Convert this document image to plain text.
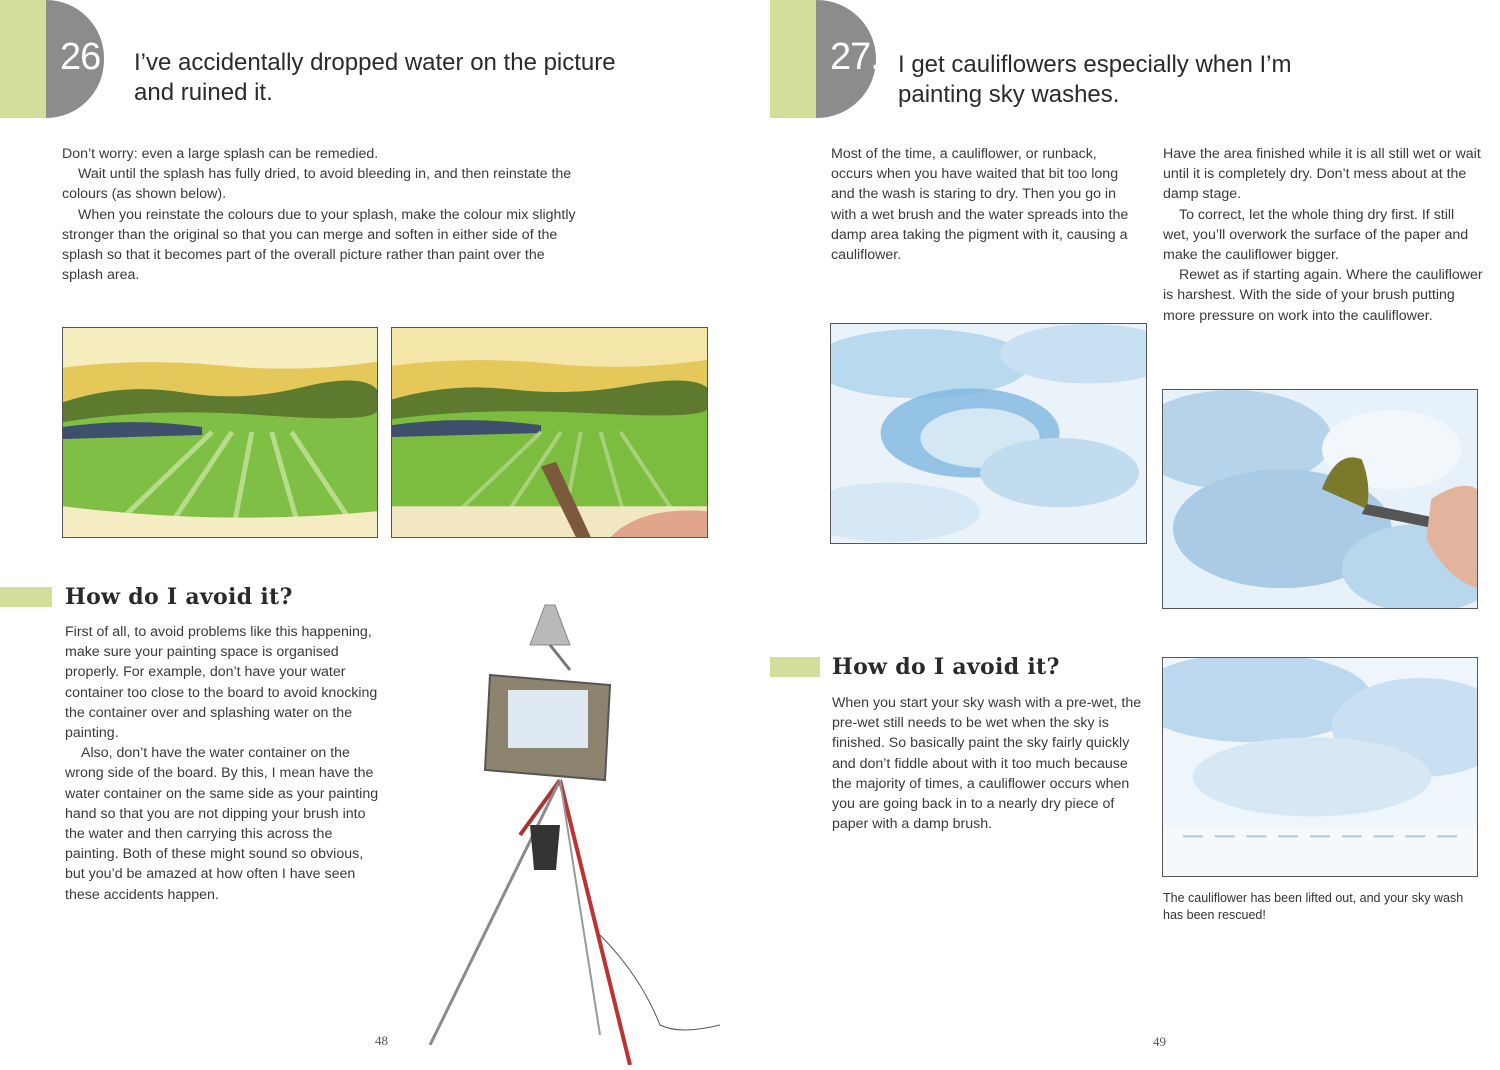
26. I’ve accidentally dropped water on the picture
and ruined it.

Don’t worry: even a large splash can be remedied.

Wait until the splash has fully dried, to avoid bleeding in, and then reinstate the colours (as shown below).

When you reinstate the colours due to your splash, make the colour mix slightly stronger than the original so that you can merge and soften in either side of the splash so that it becomes part of the overall picture rather than paint over the splash area.

How do I avoid it?

First of all, to avoid problems like this happening, make sure your painting space is organised properly. For example, don’t have your water container too close to the board to avoid knocking the container over and splashing water on the painting.

Also, don’t have the water container on the wrong side of the board. By this, I mean have the water container on the same side as your painting hand so that you are not dipping your brush into the water and then carrying this across the painting. Both of these might sound so obvious, but you’d be amazed at how often I have seen these accidents happen.

48
27. I get cauliflowers especially when I’m
painting sky washes.

Most of the time, a cauliflower, or runback, occurs when you have waited that bit too long and the wash is staring to dry. Then you go in with a wet brush and the water spreads into the damp area taking the pigment with it, causing a cauliflower.

Have the area finished while it is all still wet or wait until it is completely dry. Don’t mess about at the damp stage.

To correct, let the whole thing dry first. If still wet, you’ll overwork the surface of the paper and make the cauliflower bigger.

Rewet as if starting again. Where the cauliflower is harshest. With the side of your brush putting more pressure on work into the cauliflower.

How do I avoid it?

When you start your sky wash with a pre-wet, the pre-wet still needs to be wet when the sky is finished. So basically paint the sky fairly quickly and don’t fiddle about with it too much because the majority of times, a cauliflower occurs when you are going back in to a nearly dry piece of paper with a damp brush.

The cauliflower has been lifted out, and your sky wash has been rescued!
49
